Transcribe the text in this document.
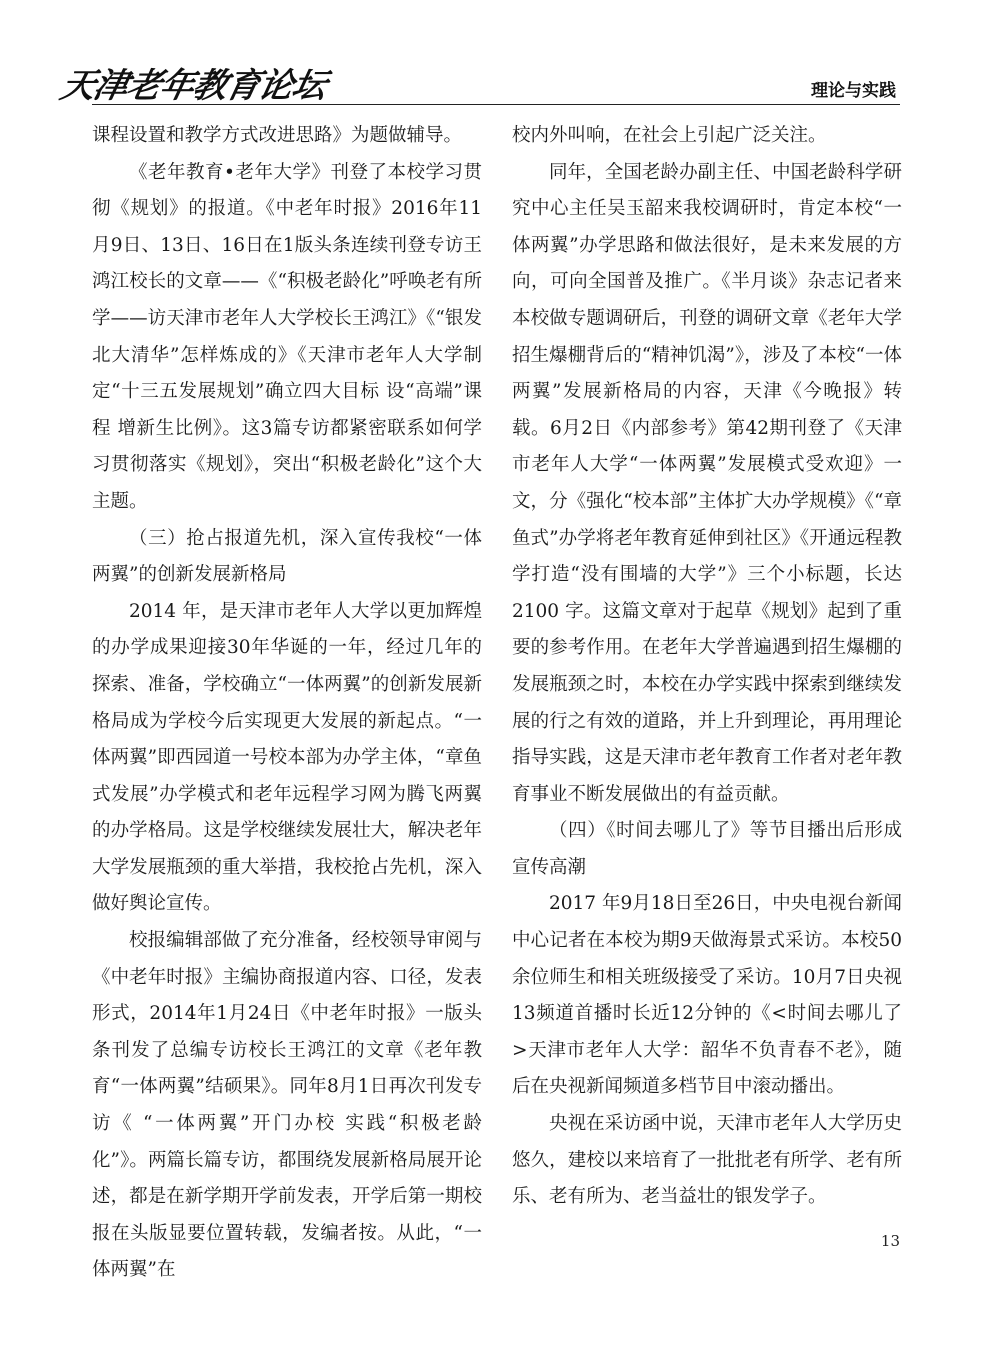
天津老年教育论坛	理论与实践

课程设置和教学方式改进思路》为题做辅导。

《老年教育•老年大学》刊登了本校学习贯彻《规划》的报道。《中老年时报》2016年11月9日、13日、16日在1版头条连续刊登专访王鸿江校长的文章——《“积极老龄化”呼唤老有所学——访天津市老年人大学校长王鸿江》《“银发北大清华”怎样炼成的》《天津市老年人大学制定“十三五发展规划”确立四大目标 设“高端”课程 增新生比例》。这3篇专访都紧密联系如何学习贯彻落实《规划》，突出“积极老龄化”这个大主题。

（三）抢占报道先机，深入宣传我校“一体两翼”的创新发展新格局

2014 年，是天津市老年人大学以更加辉煌的办学成果迎接30年华诞的一年，经过几年的探索、准备，学校确立“一体两翼”的创新发展新格局成为学校今后实现更大发展的新起点。“一体两翼”即西园道一号校本部为办学主体，“章鱼式发展”办学模式和老年远程学习网为腾飞两翼的办学格局。这是学校继续发展壮大，解决老年大学发展瓶颈的重大举措，我校抢占先机，深入做好舆论宣传。

校报编辑部做了充分准备，经校领导审阅与《中老年时报》主编协商报道内容、口径，发表形式，2014年1月24日《中老年时报》一版头条刊发了总编专访校长王鸿江的文章《老年教育“一体两翼”结硕果》。同年8月1日再次刊发专访《 “一体两翼”开门办校 实践“积极老龄化”》。两篇长篇专访，都围绕发展新格局展开论述，都是在新学期开学前发表，开学后第一期校报在头版显要位置转载，发编者按。从此，“一体两翼”在

校内外叫响，在社会上引起广泛关注。

同年，全国老龄办副主任、中国老龄科学研究中心主任吴玉韶来我校调研时，肯定本校“一体两翼”办学思路和做法很好，是未来发展的方向，可向全国普及推广。《半月谈》杂志记者来本校做专题调研后，刊登的调研文章《老年大学招生爆棚背后的“精神饥渴”》，涉及了本校“一体两翼”发展新格局的内容，天津《今晚报》转载。6月2日《内部参考》第42期刊登了《天津市老年人大学“一体两翼”发展模式受欢迎》一文，分《强化“校本部”主体扩大办学规模》《“章鱼式”办学将老年教育延伸到社区》《开通远程教学打造“没有围墙的大学”》三个小标题，长达2100 字。这篇文章对于起草《规划》起到了重要的参考作用。在老年大学普遍遇到招生爆棚的发展瓶颈之时，本校在办学实践中探索到继续发展的行之有效的道路，并上升到理论，再用理论指导实践，这是天津市老年教育工作者对老年教育事业不断发展做出的有益贡献。

（四）《时间去哪儿了》等节目播出后形成宣传高潮

2017 年9月18日至26日，中央电视台新闻中心记者在本校为期9天做海景式采访。本校50余位师生和相关班级接受了采访。10月7日央视13频道首播时长近12分钟的《<时间去哪儿了>天津市老年人大学：韶华不负青春不老》，随后在央视新闻频道多档节目中滚动播出。

央视在采访函中说，天津市老年人大学历史悠久，建校以来培育了一批批老有所学、老有所乐、老有所为、老当益壮的银发学子。

13
